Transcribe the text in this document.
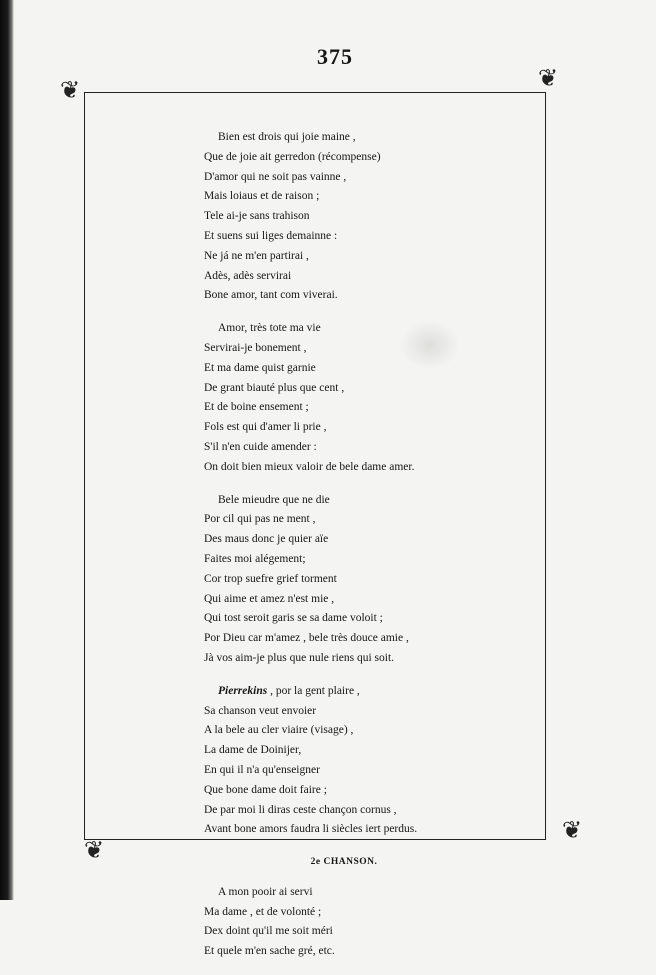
375
❦	❦
❦
❦
Bien est drois qui joie maine ,
Que de joie ait gerredon (récompense)
D'amor qui ne soit pas vainne ,
Mais loiaus et de raison ;
Tele ai-je sans trahison
Et suens sui liges demainne :
Ne já ne m'en partirai ,
Adès, adès servirai
Bone amor, tant com viverai.
Amor, très tote ma vie
Servirai-je bonement ,
Et ma dame quist garnie
De grant biauté plus que cent ,
Et de boine ensement ;
Fols est qui d'amer li prie ,
S'il n'en cuide amender :
On doit bien mieux valoir de bele dame amer.
Bele mieudre que ne die
Por cil qui pas ne ment ,
Des maus donc je quier aïe
Faites moi alégement;
Cor trop suefre grief torment
Qui aime et amez n'est mie ,
Qui tost seroit garis se sa dame voloit ;
Por Dieu car m'amez , bele très douce amie ,
Jà vos aim-je plus que nule riens qui soit.
Pierrekins , por la gent plaire ,
Sa chanson veut envoier
A la bele au cler viaire (visage) ,
La dame de Doinijer,
En qui il n'a qu'enseigner
Que bone dame doit faire ;
De par moi li diras ceste chançon cornus ,
Avant bone amors faudra li siècles iert perdus.
2e CHANSON.
A mon pooir ai servi
Ma dame , et de volonté ;
Dex doint qu'il me soit méri
Et quele m'en sache gré, etc.
